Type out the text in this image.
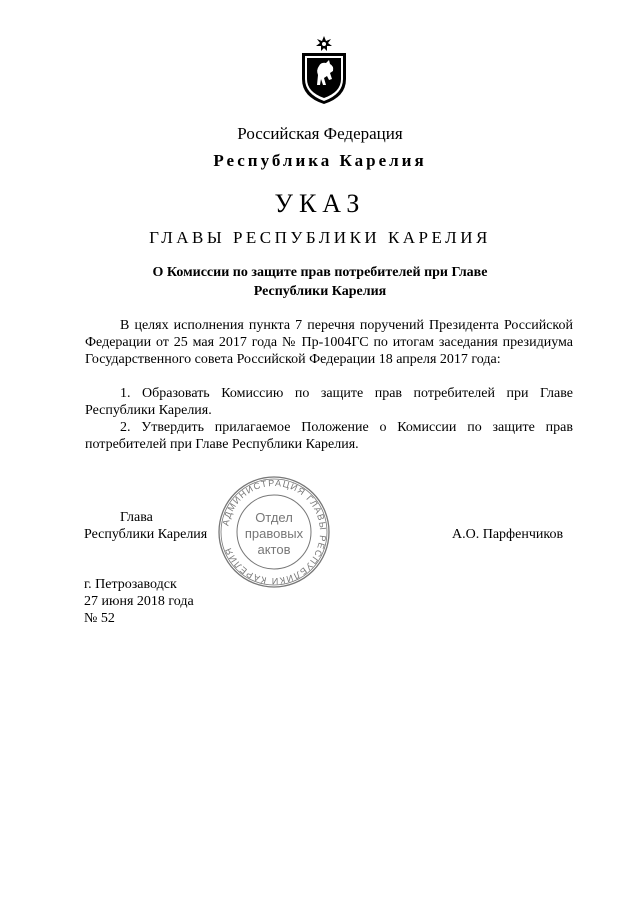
Российская Федерация
Республика Карелия
УКАЗ
ГЛАВЫ РЕСПУБЛИКИ КАРЕЛИЯ
О Комиссии по защите прав потребителей при Главе
Республики Карелия
В целях исполнения пункта 7 перечня поручений Президента Российской Федерации от 25 мая 2017 года № Пр-1004ГС по итогам заседания президиума Государственного совета Российской Федерации 18 апреля 2017 года:
1. Образовать Комиссию по защите прав потребителей при Главе Республики Карелия.
2. Утвердить прилагаемое Положение о Комиссии по защите прав потребителей при Главе Республики Карелия.
Глава
Республики Карелия	А.О. Парфенчиков
АДМИНИСТРАЦИЯ ГЛАВЫ РЕСПУБЛИКИ КАРЕЛИЯ
Отдел
правовых
актов
г. Петрозаводск
27 июня 2018 года
№ 52
